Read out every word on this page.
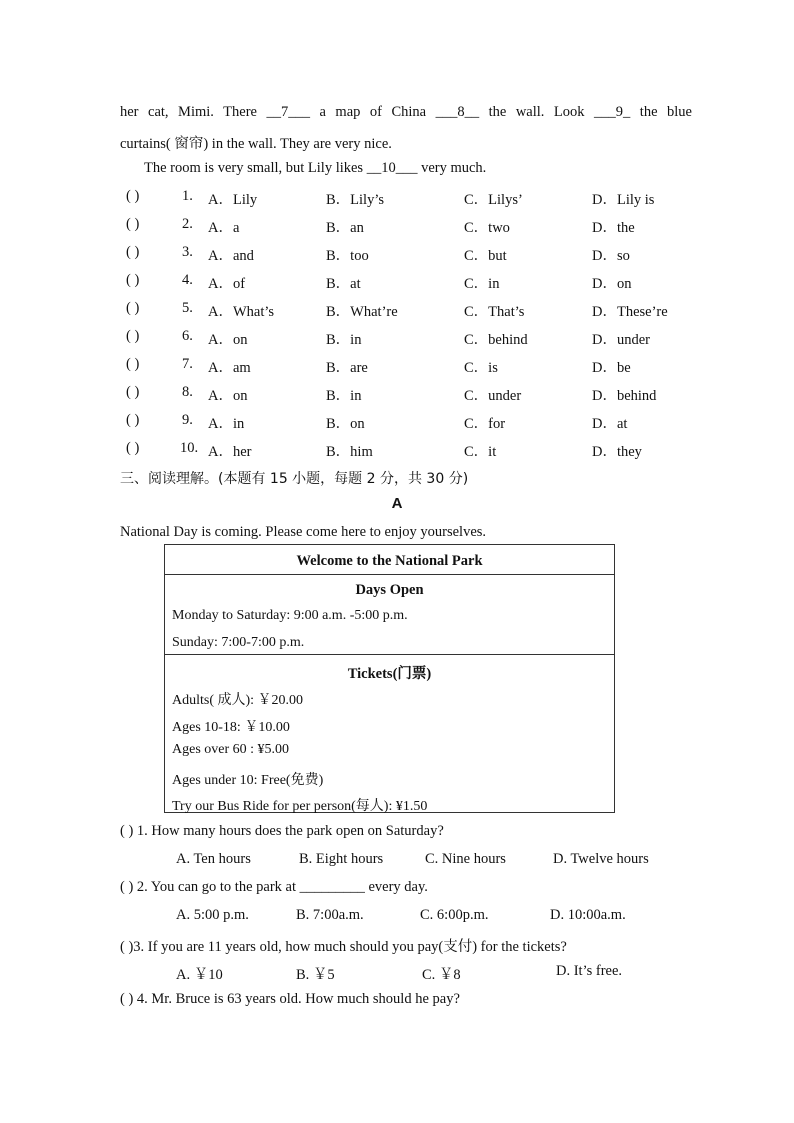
her cat, Mimi. There __7___ a map of China ___8__ the wall. Look ___9_ the blue
curtains( 窗帘) in the wall. They are very nice.
The room is very small, but Lily likes __10___ very much.
( )	1. A．Lily	B．Lily’s	C．Lilys’	D．Lily is
( )	2. A．a	B．an	C．two	D．the
( )	3. A．and	B．too	C．but	D．so
( )	4. A．of	B．at	C．in	D．on
( )	5. A．What’s	B．What’re	C．That’s	D．These’re
( )	6. A．on	B．in	C．behind	D．under
( )	7. A．am	B．are	C．is	D．be
( )	8. A．on	B．in	C．under	D．behind
( )	9. A．in	B．on	C．for	D．at
( )	10. A．her	B．him	C．it	D．they
三、阅读理解。(本题有 15 小题，每题 2 分，共 30 分)
A
National Day is coming. Please come here to enjoy yourselves.
Welcome to the National Park
Days Open
Monday to Saturday: 9:00 a.m. -5:00 p.m.
Sunday: 7:00-7:00 p.m.
Tickets(门票)
Adults( 成人): ￥20.00
Ages 10-18: ￥10.00
Ages over 60 : ¥5.00
Ages under 10: Free(免费)
Try our Bus Ride for per person(每人): ¥1.50
( ) 1. How many hours does the park open on Saturday?
A. Ten hours	B. Eight hours	C. Nine hours	D. Twelve hours
( ) 2. You can go to the park at _________ every day.
A. 5:00 p.m.	B. 7:00a.m.	C. 6:00p.m.	D. 10:00a.m.
( )3. If you are 11 years old, how much should you pay(支付) for the tickets?
A. ￥10	B. ￥5	C. ￥8	D. It’s free.
( ) 4. Mr. Bruce is 63 years old. How much should he pay?
